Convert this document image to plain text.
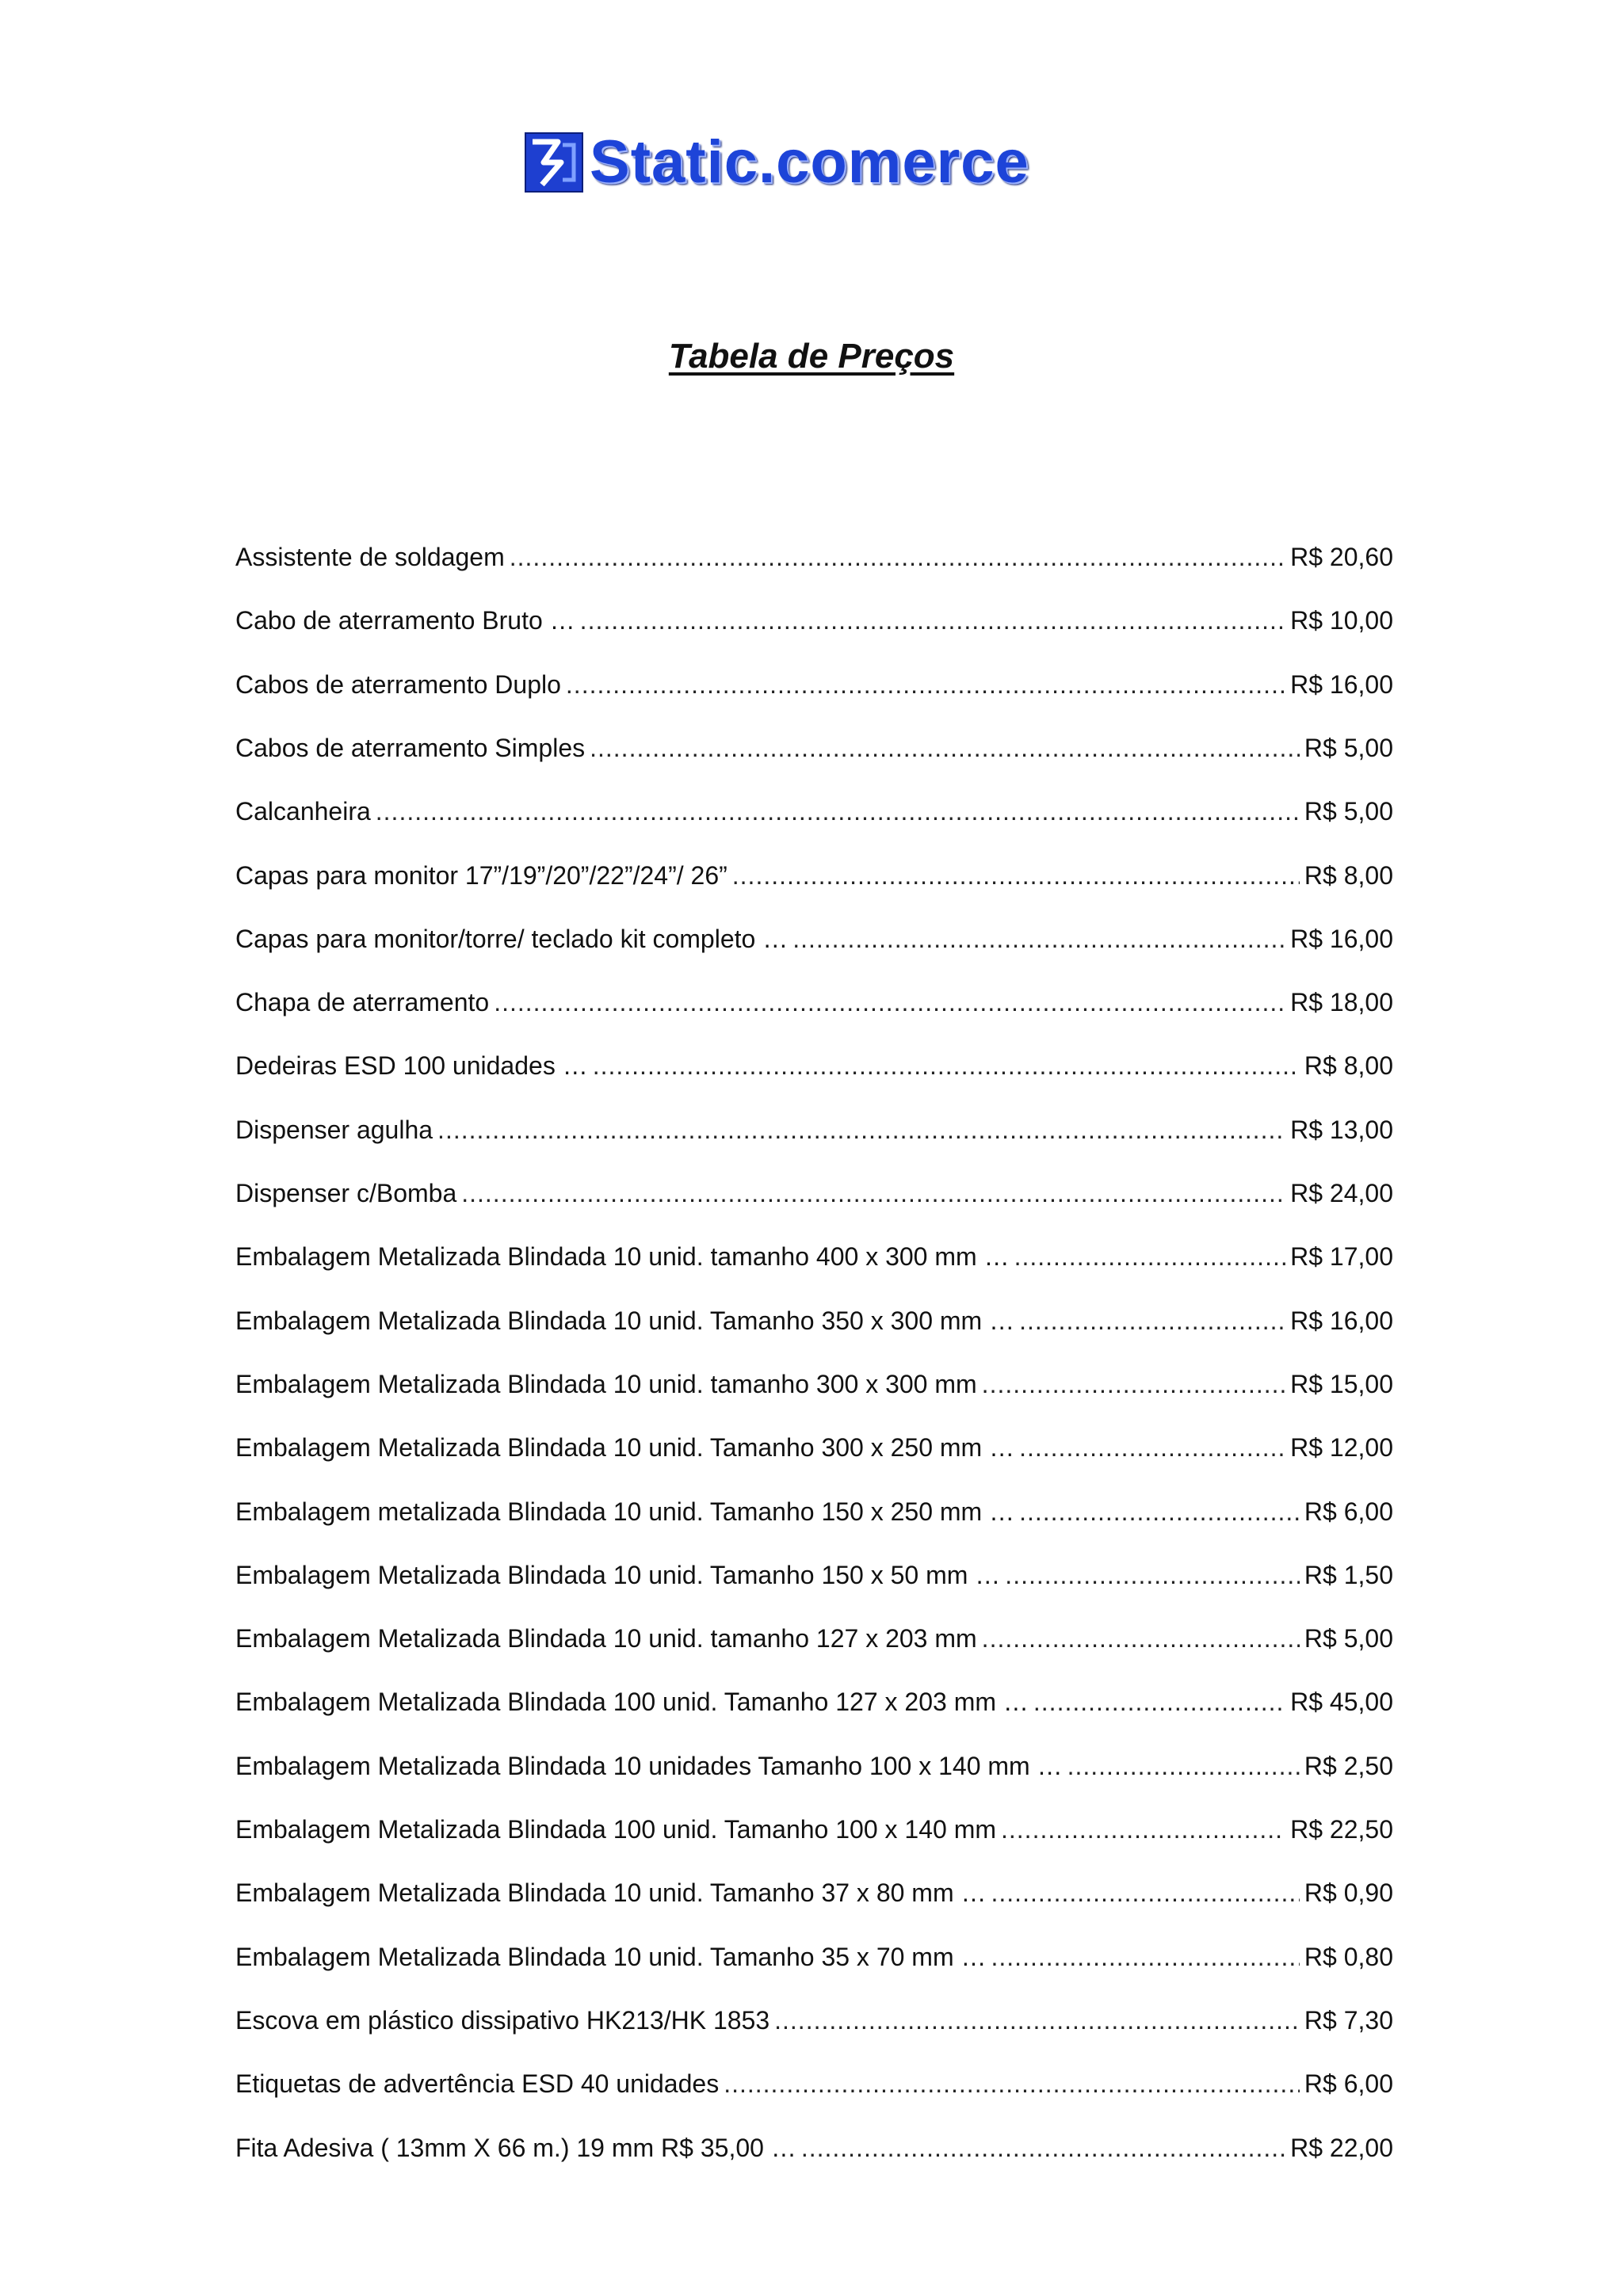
Static.comerce
Tabela de Preços
Assistente de soldagem .....	R$ 20,60
Cabo de aterramento Bruto … .....	R$ 10,00
Cabos de aterramento Duplo .....	R$ 16,00
Cabos de aterramento Simples .....	R$ 5,00
Calcanheira .....	R$ 5,00
Capas para monitor 17”/19”/20”/22”/24”/ 26” .....	R$ 8,00
Capas para monitor/torre/ teclado kit completo … .....	R$ 16,00
Chapa de aterramento .....	R$ 18,00
Dedeiras ESD 100 unidades … .....	R$ 8,00
Dispenser agulha .....	R$ 13,00
Dispenser c/Bomba .....	R$ 24,00
Embalagem Metalizada Blindada 10 unid. tamanho 400 x 300 mm … .....	R$ 17,00
Embalagem Metalizada Blindada 10 unid. Tamanho 350 x 300 mm … .....	R$ 16,00
Embalagem Metalizada Blindada 10 unid. tamanho 300 x 300 mm .....	R$ 15,00
Embalagem Metalizada Blindada 10 unid. Tamanho 300 x 250 mm … .....	R$ 12,00
Embalagem metalizada Blindada 10 unid. Tamanho 150 x 250 mm … .....	R$ 6,00
Embalagem Metalizada Blindada 10 unid. Tamanho 150 x 50 mm … .....	R$ 1,50
Embalagem Metalizada Blindada 10 unid. tamanho 127 x 203 mm .....	R$ 5,00
Embalagem Metalizada Blindada 100 unid. Tamanho 127 x 203 mm … .....	R$ 45,00
Embalagem Metalizada Blindada 10 unidades Tamanho 100 x 140 mm … .....	R$ 2,50
Embalagem Metalizada Blindada 100 unid. Tamanho 100 x 140 mm .....	R$ 22,50
Embalagem Metalizada Blindada 10 unid. Tamanho 37 x 80 mm … .....	R$ 0,90
Embalagem Metalizada Blindada 10 unid. Tamanho 35 x 70 mm … .....	R$ 0,80
Escova em plástico dissipativo HK213/HK 1853 .....	R$ 7,30
Etiquetas de advertência ESD 40 unidades .....	R$ 6,00
Fita Adesiva ( 13mm X 66 m.) 19 mm R$ 35,00 … .....	R$ 22,00
